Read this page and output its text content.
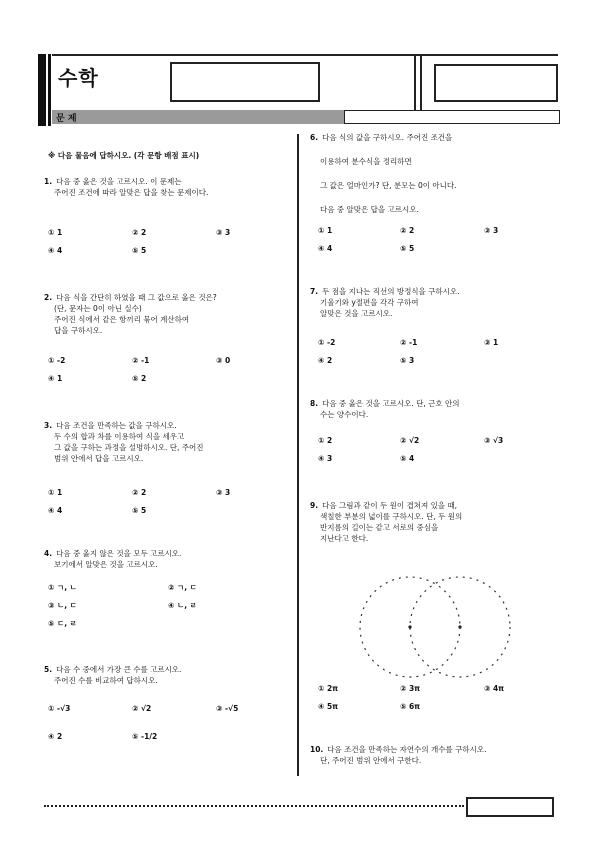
수학
문 제
※ 다음 물음에 답하시오. (각 문항 배점 표시)
1. 다음 중 옳은 것을 고르시오. 이 문제는
주어진 조건에 따라 알맞은 답을 찾는 문제이다.
① 1	② 2	③ 3
④ 4	⑤ 5
2. 다음 식을 간단히 하였을 때 그 값으로 옳은 것은?
(단, 문자는 0이 아닌 실수)
주어진 식에서 같은 항끼리 묶어 계산하여
답을 구하시오.
① -2	② -1	③ 0
④ 1	⑤ 2
3. 다음 조건을 만족하는 값을 구하시오.
두 수의 합과 차를 이용하여 식을 세우고
그 값을 구하는 과정을 설명하시오. 단, 주어진
범위 안에서 답을 고르시오.
① 1	② 2	③ 3
④ 4	⑤ 5
4. 다음 중 옳지 않은 것을 모두 고르시오.
보기에서 알맞은 것을 고르시오.
① ㄱ, ㄴ	② ㄱ, ㄷ
③ ㄴ, ㄷ	④ ㄴ, ㄹ
⑤ ㄷ, ㄹ
5. 다음 수 중에서 가장 큰 수를 고르시오.
주어진 수를 비교하여 답하시오.
① -√3	② √2	③ -√5
④ 2	⑤ -1/2
6. 다음 식의 값을 구하시오. 주어진 조건을
이용하여 분수식을 정리하면
그 값은 얼마인가? 단, 분모는 0이 아니다.
다음 중 알맞은 답을 고르시오.
① 1	② 2	③ 3
④ 4	⑤ 5
7. 두 점을 지나는 직선의 방정식을 구하시오.
기울기와 y절편을 각각 구하여
알맞은 것을 고르시오.
① -2	② -1	③ 1
④ 2	⑤ 3
8. 다음 중 옳은 것을 고르시오. 단, 근호 안의
수는 양수이다.
① 2	② √2	③ √3
④ 3	⑤ 4
9. 다음 그림과 같이 두 원이 겹쳐져 있을 때,
색칠한 부분의 넓이를 구하시오. 단, 두 원의
반지름의 길이는 같고 서로의 중심을
지난다고 한다.
① 2π	② 3π	③ 4π
④ 5π	⑤ 6π
10. 다음 조건을 만족하는 자연수의 개수를 구하시오.
단, 주어진 범위 안에서 구한다.
